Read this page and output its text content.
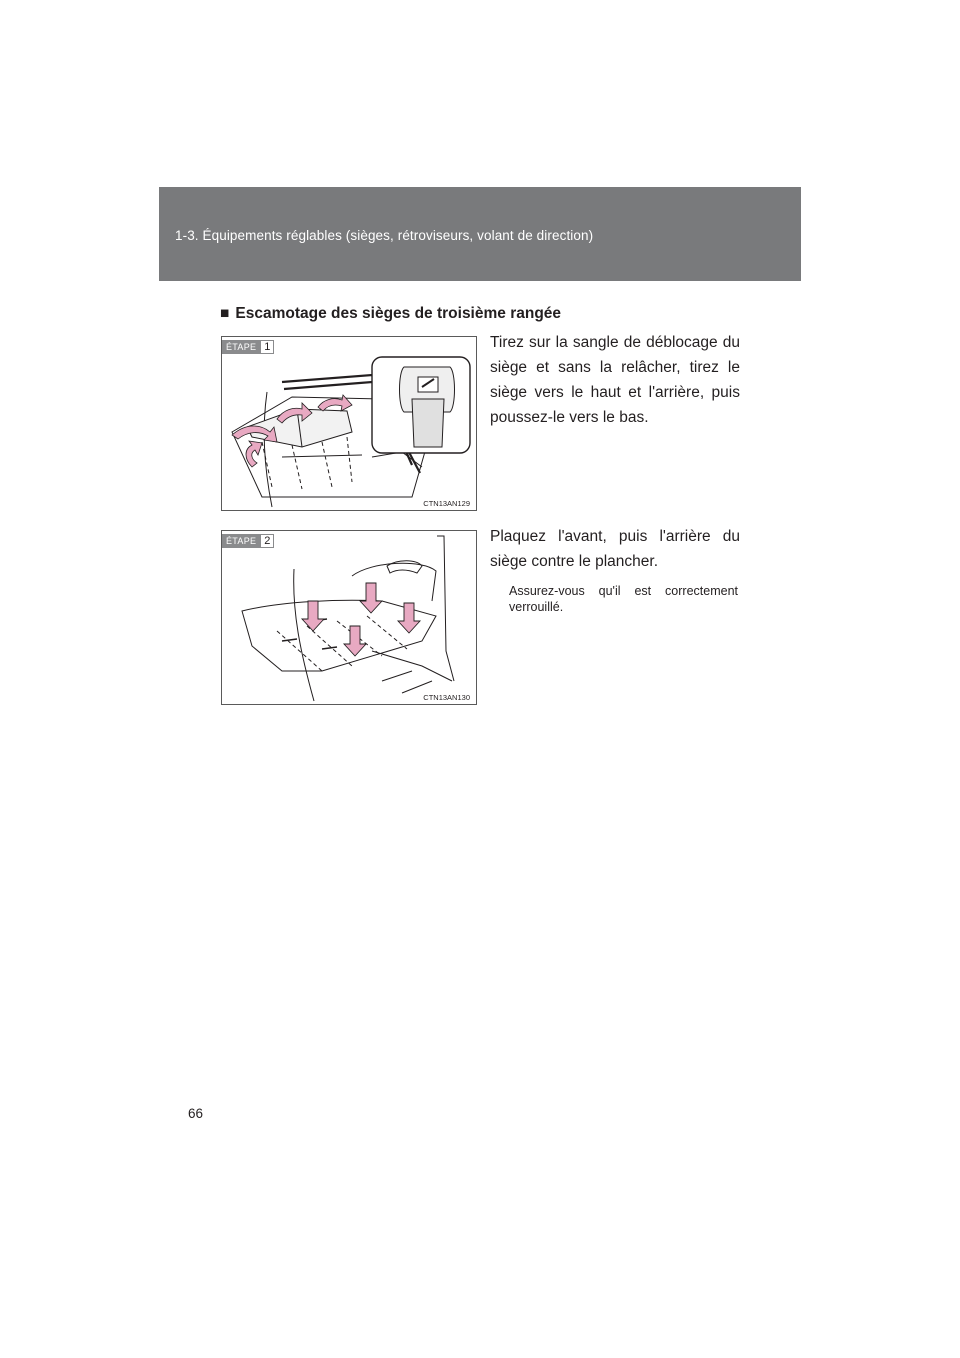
1-3. Équipements réglables (sièges, rétroviseurs, volant de direction)
■ Escamotage des sièges de troisième rangée
ÉTAPE 1
CTN13AN129
Tirez sur la sangle de déblocage du siège et sans la relâcher, tirez le siège vers le haut et l'arrière, puis poussez-le vers le bas.
ÉTAPE 2
CTN13AN130
Plaquez l'avant, puis l'arrière du siège contre le plancher.
Assurez-vous qu'il est correctement verrouillé.
66
